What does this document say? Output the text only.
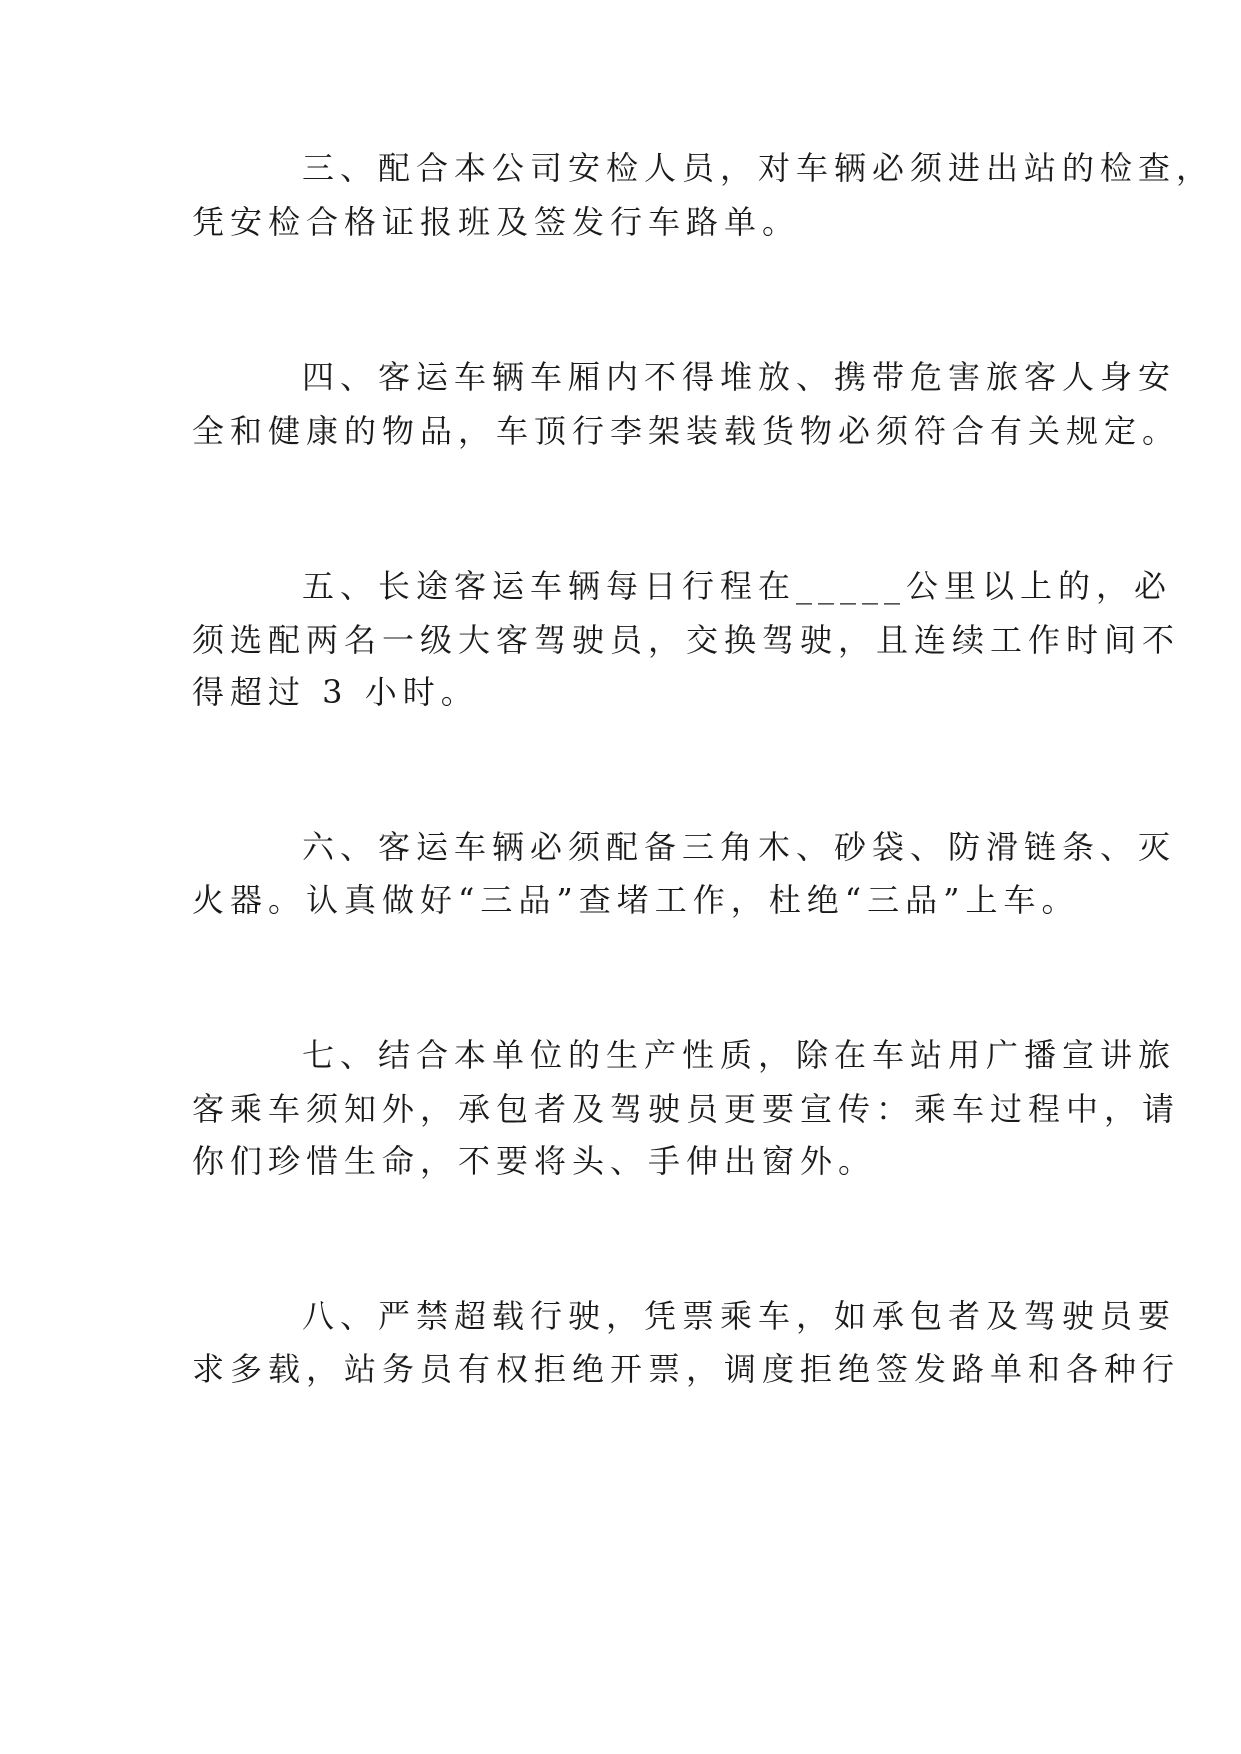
三、配合本公司安检人员，对车辆必须进出站的检查，
凭安检合格证报班及签发行车路单。
四、客运车辆车厢内不得堆放、携带危害旅客人身安
全和健康的物品，车顶行李架装载货物必须符合有关规定。
五、长途客运车辆每日行程在_____公里以上的，必
须选配两名一级大客驾驶员，交换驾驶，且连续工作时间不
得超过 3 小时。
六、客运车辆必须配备三角木、砂袋、防滑链条、灭
火器。认真做好“三品”查堵工作，杜绝“三品”上车。
七、结合本单位的生产性质，除在车站用广播宣讲旅
客乘车须知外，承包者及驾驶员更要宣传：乘车过程中，请
你们珍惜生命，不要将头、手伸出窗外。
八、严禁超载行驶，凭票乘车，如承包者及驾驶员要
求多载，站务员有权拒绝开票，调度拒绝签发路单和各种行
